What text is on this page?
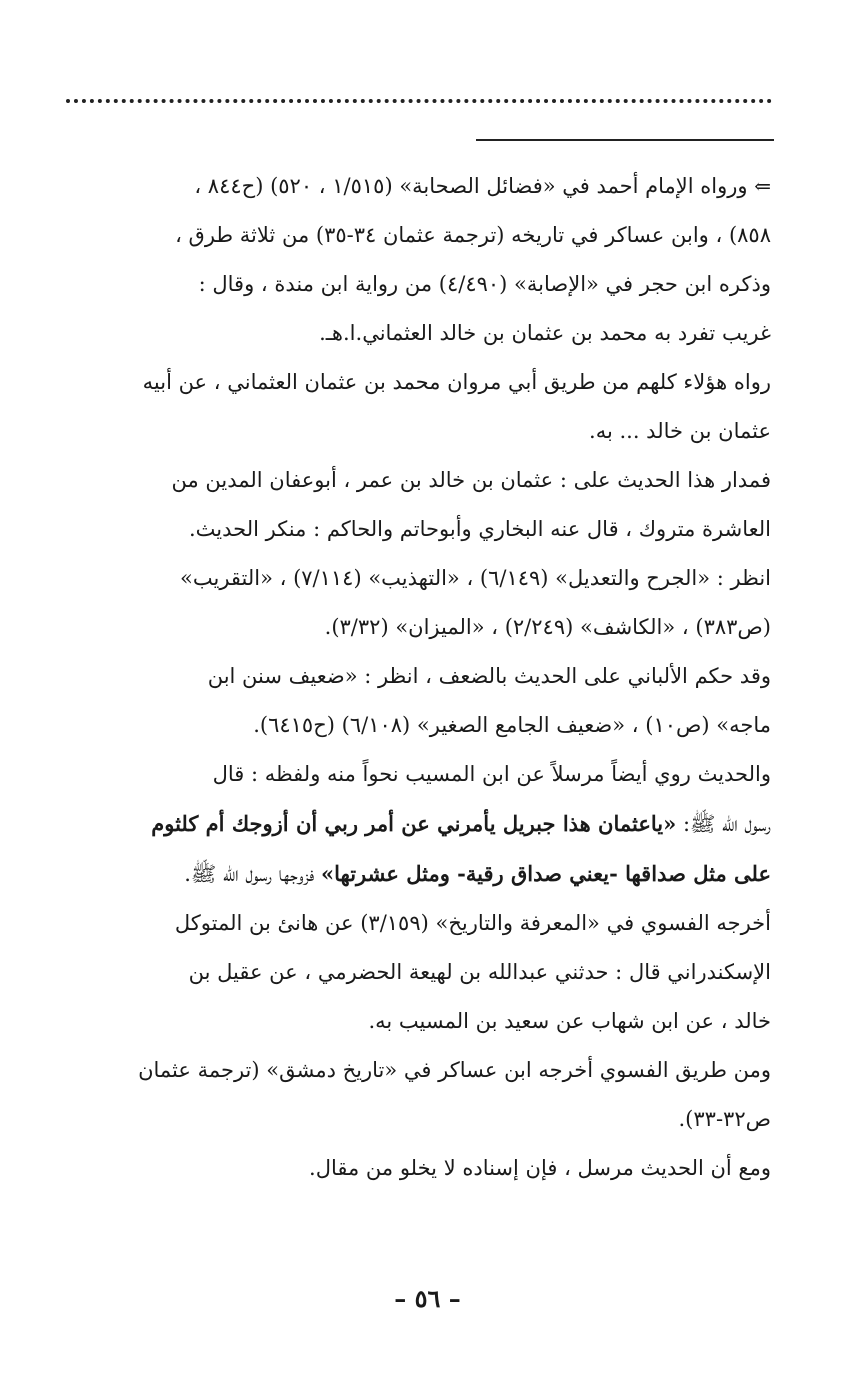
⇐ ورواه الإمام أحمد في «فضائل الصحابة» (١/٥١٥ ، ٥٢٠) (ح٨٤٤ ،
٨٥٨) ، وابن عساكر في تاريخه (ترجمة عثمان ٣٤-٣٥) من ثلاثة طرق ،
وذكره ابن حجر في «الإصابة» (٤/٤٩٠) من رواية ابن مندة ، وقال :
غريب تفرد به محمد بن عثمان بن خالد العثماني.ا.هـ.
رواه هؤلاء كلهم من طريق أبي مروان محمد بن عثمان العثماني ، عن أبيه
عثمان بن خالد ... به.
فمدار هذا الحديث على : عثمان بن خالد بن عمر ، أبوعفان المدين من
العاشرة متروك ، قال عنه البخاري وأبوحاتم والحاكم : منكر الحديث.
انظر : «الجرح والتعديل» (٦/١٤٩) ، «التهذيب» (٧/١١٤) ، «التقريب»
(ص٣٨٣) ، «الكاشف» (٢/٢٤٩) ، «الميزان» (٣/٣٢).
وقد حكم الألباني على الحديث بالضعف ، انظر : «ضعيف سنن ابن
ماجه» (ص١٠) ، «ضعيف الجامع الصغير» (٦/١٠٨) (ح٦٤١٥).
والحديث روي أيضاً مرسلاً عن ابن المسيب نحواً منه ولفظه : قال
رسول الله ﷺ: «ياعثمان هذا جبريل يأمرني عن أمر ربي أن أزوجك أم كلثوم
على مثل صداقها -يعني صداق رقية- ومثل عشرتها» فزوجها رسول الله ﷺ.
أخرجه الفسوي في «المعرفة والتاريخ» (٣/١٥٩) عن هانئ بن المتوكل
الإسكندراني قال : حدثني عبدالله بن لهيعة الحضرمي ، عن عقيل بن
خالد ، عن ابن شهاب عن سعيد بن المسيب به.
ومن طريق الفسوي أخرجه ابن عساكر في «تاريخ دمشق» (ترجمة عثمان
ص٣٢-٣٣).
ومع أن الحديث مرسل ، فإن إسناده لا يخلو من مقال.
– ٥٦ –
